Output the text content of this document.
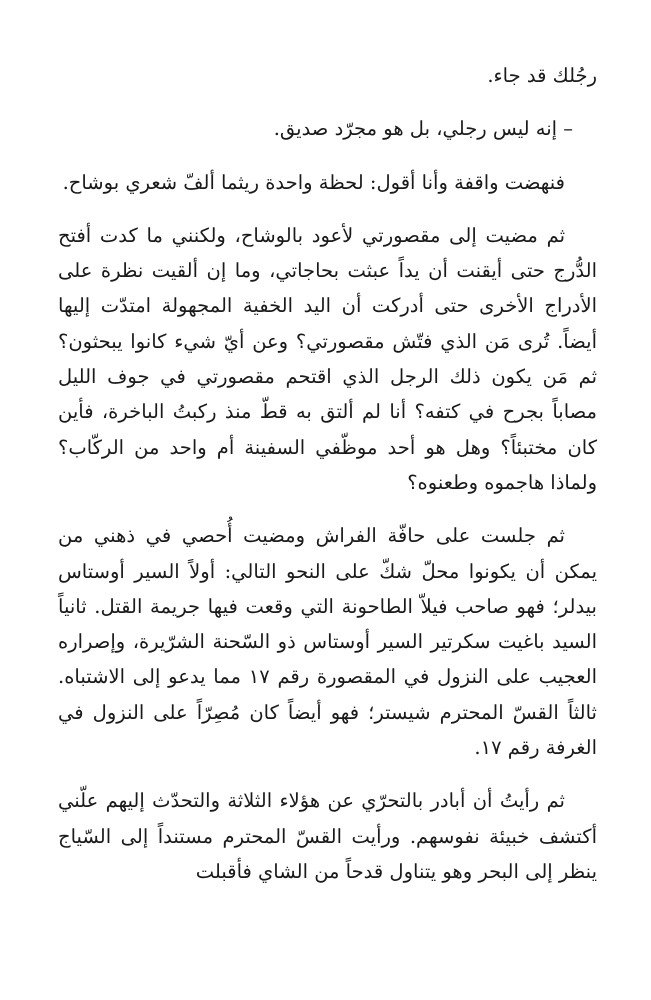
رجُلك قد جاء.

– إنه ليس رجلي، بل هو مجرّد صديق.

فنهضت واقفة وأنا أقول: لحظة واحدة ريثما ألفّ شعري بوشاح.

ثم مضيت إلى مقصورتي لأعود بالوشاح، ولكنني ما كدت أفتح الدُّرج حتى أيقنت أن يداً عبثت بحاجاتي، وما إن ألقيت نظرة على الأدراج الأخرى حتى أدركت أن اليد الخفية المجهولة امتدّت إليها أيضاً. تُرى مَن الذي فتّش مقصورتي؟ وعن أيّ شيء كانوا يبحثون؟ ثم مَن يكون ذلك الرجل الذي اقتحم مقصورتي في جوف الليل مصاباً بجرح في كتفه؟ أنا لم ألتق به قطّ منذ ركبتُ الباخرة، فأين كان مختبئاً؟ وهل هو أحد موظّفي السفينة أم واحد من الركّاب؟ ولماذا هاجموه وطعنوه؟

ثم جلست على حافّة الفراش ومضيت أُحصي في ذهني من يمكن أن يكونوا محلّ شكّ على النحو التالي: أولاً السير أوستاس بيدلر؛ فهو صاحب فيلاّ الطاحونة التي وقعت فيها جريمة القتل. ثانياً السيد باغيت سكرتير السير أوستاس ذو السّحنة الشرّيرة، وإصراره العجيب على النزول في المقصورة رقم ١٧ مما يدعو إلى الاشتباه. ثالثاً القسّ المحترم شيستر؛ فهو أيضاً كان مُصِرّاً على النزول في الغرفة رقم ١٧.

ثم رأيتُ أن أبادر بالتحرّي عن هؤلاء الثلاثة والتحدّث إليهم علّني أكتشف خبيئة نفوسهم. ورأيت القسّ المحترم مستنداً إلى السّياج ينظر إلى البحر وهو يتناول قدحاً من الشاي فأقبلت
